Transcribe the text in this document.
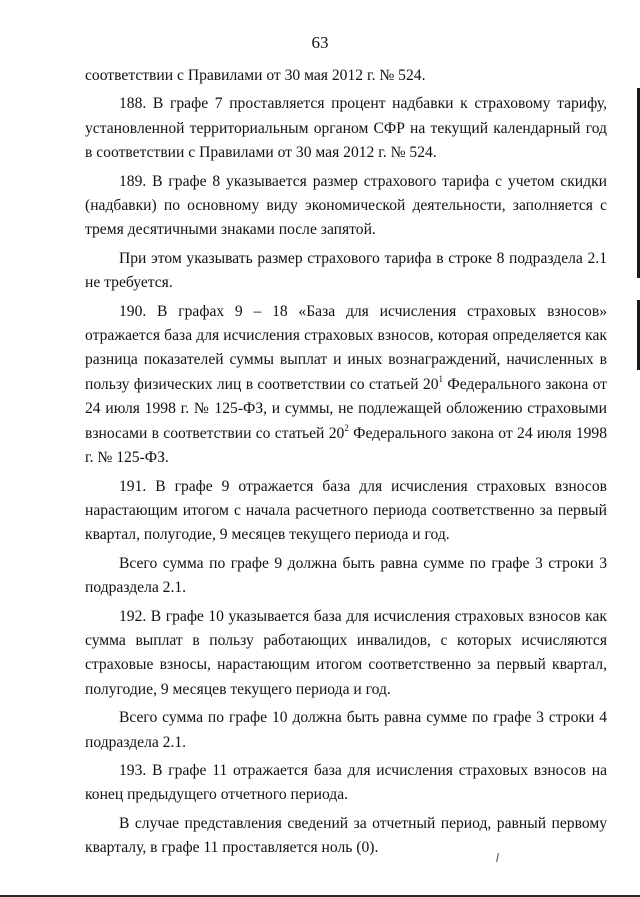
63

соответствии с Правилами от 30 мая 2012 г. № 524.

188. В графе 7 проставляется процент надбавки к страховому тарифу, установленной территориальным органом СФР на текущий календарный год в соответствии с Правилами от 30 мая 2012 г. № 524.

189. В графе 8 указывается размер страхового тарифа с учетом скидки (надбавки) по основному виду экономической деятельности, заполняется с тремя десятичными знаками после запятой.

При этом указывать размер страхового тарифа в строке 8 подраздела 2.1 не требуется.

190. В графах 9 – 18 «База для исчисления страховых взносов» отражается база для исчисления страховых взносов, которая определяется как разница показателей суммы выплат и иных вознаграждений, начисленных в пользу физических лиц в соответствии со статьей $20^1$ Федерального закона от 24 июля 1998 г. № 125-ФЗ, и суммы, не подлежащей обложению страховыми взносами в соответствии со статьей $20^2$ Федерального закона от 24 июля 1998 г. № 125-ФЗ.

191. В графе 9 отражается база для исчисления страховых взносов нарастающим итогом с начала расчетного периода соответственно за первый квартал, полугодие, 9 месяцев текущего периода и год.

Всего сумма по графе 9 должна быть равна сумме по графе 3 строки 3 подраздела 2.1.

192. В графе 10 указывается база для исчисления страховых взносов как сумма выплат в пользу работающих инвалидов, с которых исчисляются страховые взносы, нарастающим итогом соответственно за первый квартал, полугодие, 9 месяцев текущего периода и год.

Всего сумма по графе 10 должна быть равна сумме по графе 3 строки 4 подраздела 2.1.

193. В графе 11 отражается база для исчисления страховых взносов на конец предыдущего отчетного периода.

В случае представления сведений за отчетный период, равный первому кварталу, в графе 11 проставляется ноль (0).
